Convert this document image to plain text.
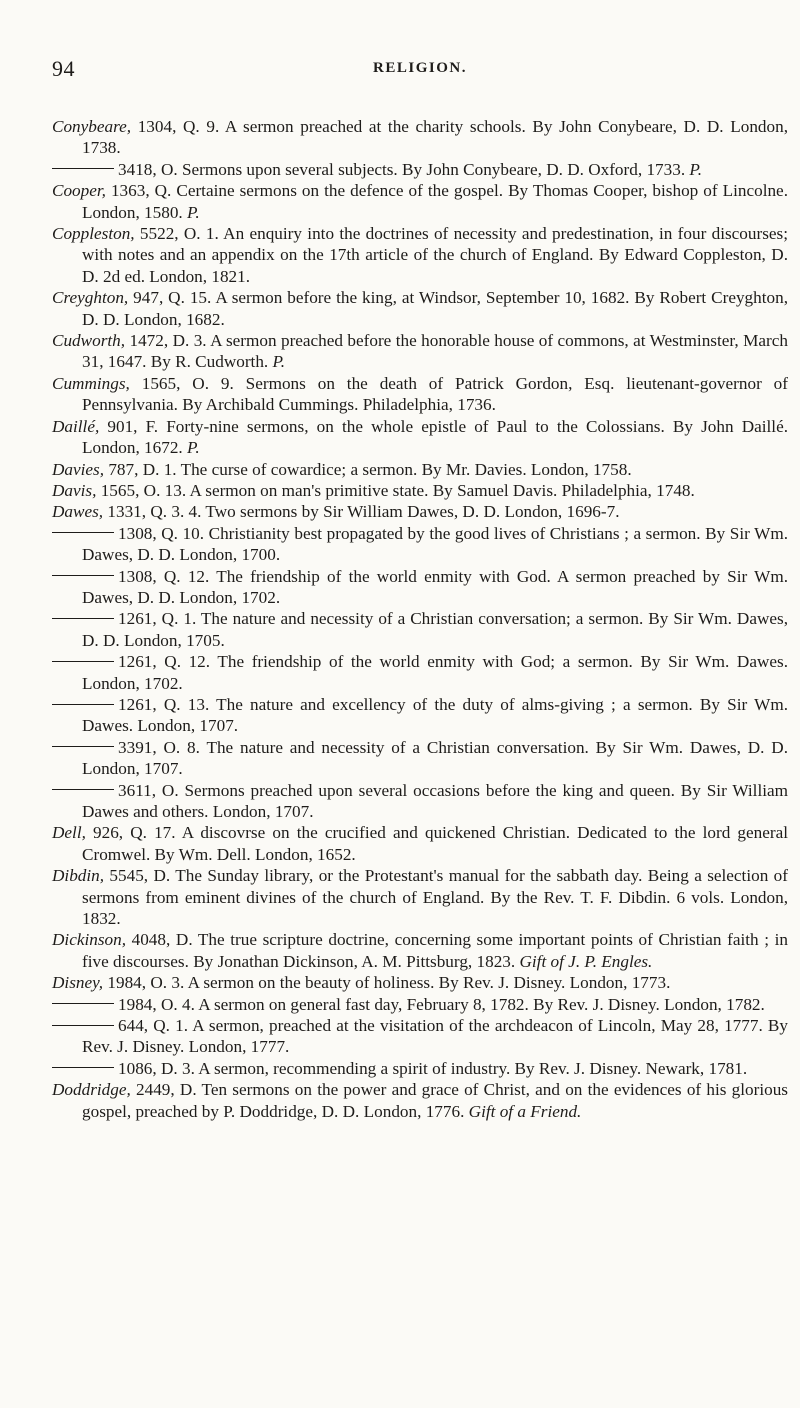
94	RELIGION.

Conybeare, 1304, Q. 9. A sermon preached at the charity schools. By John Conybeare, D. D. London, 1738.

3418, O. Sermons upon several subjects. By John Conybeare, D. D. Oxford, 1733. P.

Cooper, 1363, Q. Certaine sermons on the defence of the gospel. By Thomas Cooper, bishop of Lincolne. London, 1580. P.

Coppleston, 5522, O. 1. An enquiry into the doctrines of necessity and predestination, in four discourses; with notes and an appendix on the 17th article of the church of England. By Edward Coppleston, D. D. 2d ed. London, 1821.

Creyghton, 947, Q. 15. A sermon before the king, at Windsor, September 10, 1682. By Robert Creyghton, D. D. London, 1682.

Cudworth, 1472, D. 3. A sermon preached before the honorable house of commons, at Westminster, March 31, 1647. By R. Cudworth. P.

Cummings, 1565, O. 9. Sermons on the death of Patrick Gordon, Esq. lieutenant-governor of Pennsylvania. By Archibald Cummings. Philadelphia, 1736.

Daillé, 901, F. Forty-nine sermons, on the whole epistle of Paul to the Colossians. By John Daillé. London, 1672. P.

Davies, 787, D. 1. The curse of cowardice; a sermon. By Mr. Davies. London, 1758.

Davis, 1565, O. 13. A sermon on man's primitive state. By Samuel Davis. Philadelphia, 1748.

Dawes, 1331, Q. 3. 4. Two sermons by Sir William Dawes, D. D. London, 1696-7.

1308, Q. 10. Christianity best propagated by the good lives of Christians ; a sermon. By Sir Wm. Dawes, D. D. London, 1700.

1308, Q. 12. The friendship of the world enmity with God. A sermon preached by Sir Wm. Dawes, D. D. London, 1702.

1261, Q. 1. The nature and necessity of a Christian conversation; a sermon. By Sir Wm. Dawes, D. D. London, 1705.

1261, Q. 12. The friendship of the world enmity with God; a sermon. By Sir Wm. Dawes. London, 1702.

1261, Q. 13. The nature and excellency of the duty of alms-giving ; a sermon. By Sir Wm. Dawes. London, 1707.

3391, O. 8. The nature and necessity of a Christian conversation. By Sir Wm. Dawes, D. D. London, 1707.

3611, O. Sermons preached upon several occasions before the king and queen. By Sir William Dawes and others. London, 1707.

Dell, 926, Q. 17. A discovrse on the crucified and quickened Christian. Dedicated to the lord general Cromwel. By Wm. Dell. London, 1652.

Dibdin, 5545, D. The Sunday library, or the Protestant's manual for the sabbath day. Being a selection of sermons from eminent divines of the church of England. By the Rev. T. F. Dibdin. 6 vols. London, 1832.

Dickinson, 4048, D. The true scripture doctrine, concerning some important points of Christian faith ; in five discourses. By Jonathan Dickinson, A. M. Pittsburg, 1823. Gift of J. P. Engles.

Disney, 1984, O. 3. A sermon on the beauty of holiness. By Rev. J. Disney. London, 1773.

1984, O. 4. A sermon on general fast day, February 8, 1782. By Rev. J. Disney. London, 1782.

644, Q. 1. A sermon, preached at the visitation of the archdeacon of Lincoln, May 28, 1777. By Rev. J. Disney. London, 1777.

1086, D. 3. A sermon, recommending a spirit of industry. By Rev. J. Disney. Newark, 1781.

Doddridge, 2449, D. Ten sermons on the power and grace of Christ, and on the evidences of his glorious gospel, preached by P. Doddridge, D. D. London, 1776. Gift of a Friend.
